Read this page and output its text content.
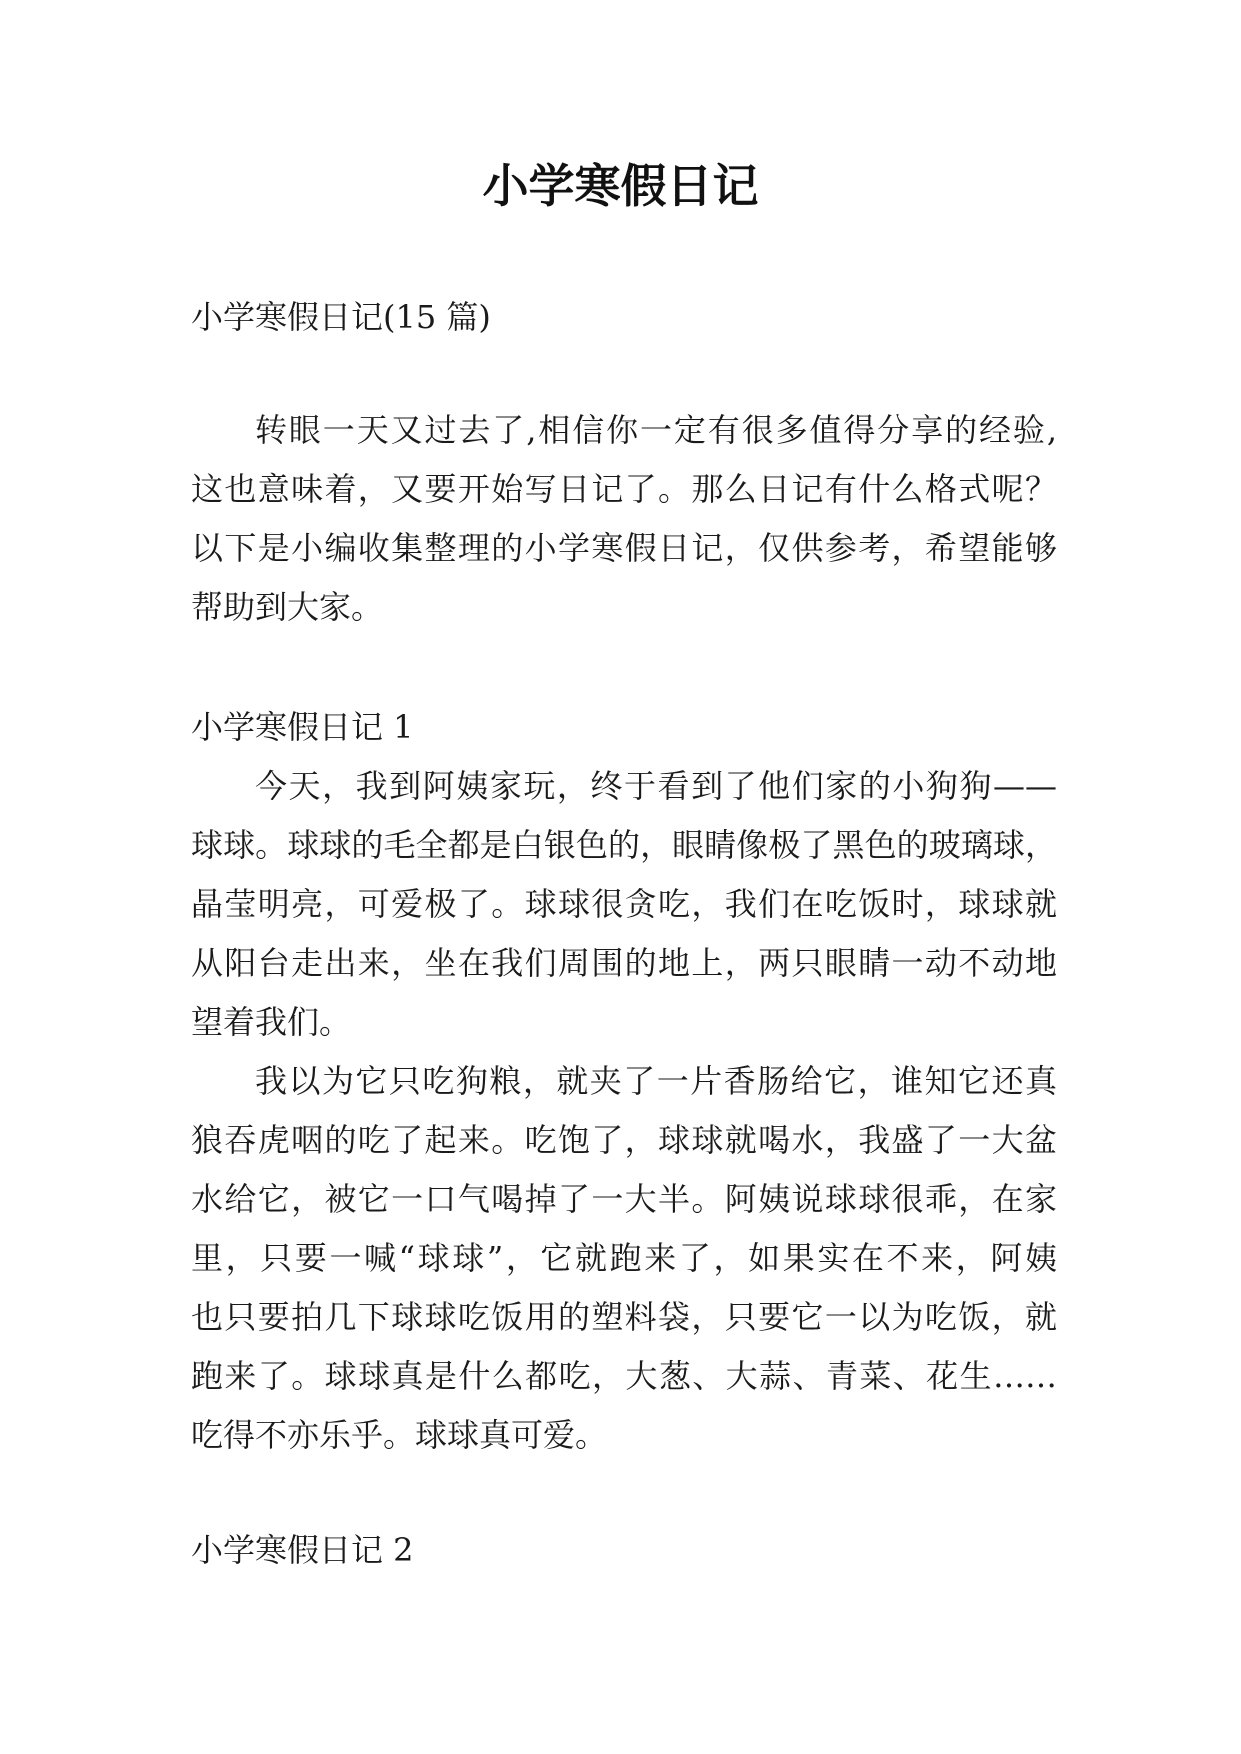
小学寒假日记
小学寒假日记(15 篇)
转眼一天又过去了,相信你一定有很多值得分享的经验,
这也意味着，又要开始写日记了。那么日记有什么格式呢？
以下是小编收集整理的小学寒假日记，仅供参考，希望能够
帮助到大家。
小学寒假日记 1
今天，我到阿姨家玩，终于看到了他们家的小狗狗——
球球。球球的毛全都是白银色的，眼睛像极了黑色的玻璃球，
晶莹明亮，可爱极了。球球很贪吃，我们在吃饭时，球球就
从阳台走出来，坐在我们周围的地上，两只眼睛一动不动地
望着我们。
我以为它只吃狗粮，就夹了一片香肠给它，谁知它还真
狼吞虎咽的吃了起来。吃饱了，球球就喝水，我盛了一大盆
水给它，被它一口气喝掉了一大半。阿姨说球球很乖，在家
里，只要一喊“球球”，它就跑来了，如果实在不来，阿姨
也只要拍几下球球吃饭用的塑料袋，只要它一以为吃饭，就
跑来了。球球真是什么都吃，大葱、大蒜、青菜、花生……
吃得不亦乐乎。球球真可爱。
小学寒假日记 2
